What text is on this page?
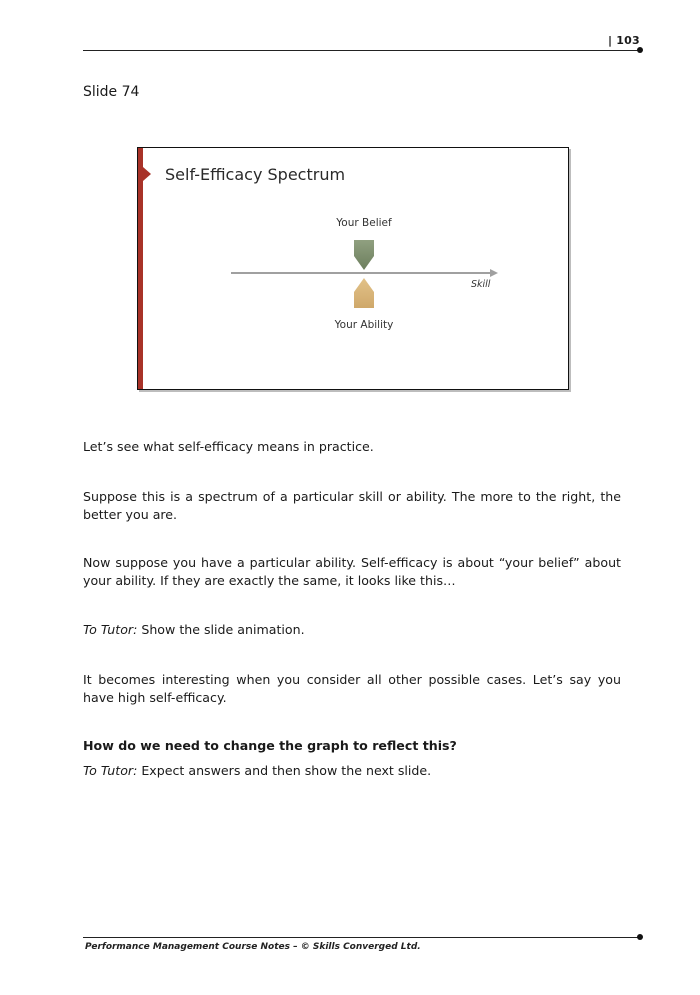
| 103
Slide 74
Self-Efficacy Spectrum
Your Belief
Your Ability
Skill
Let’s see what self-efficacy means in practice.
Suppose this is a spectrum of a particular skill or ability. The more to the right, the better you are.
Now suppose you have a particular ability. Self-efficacy is about “your belief” about your ability. If they are exactly the same, it looks like this…
To Tutor: Show the slide animation.
It becomes interesting when you consider all other possible cases. Let’s say you have high self-efficacy.
How do we need to change the graph to reflect this?
To Tutor: Expect answers and then show the next slide.
Performance Management Course Notes – © Skills Converged Ltd.
